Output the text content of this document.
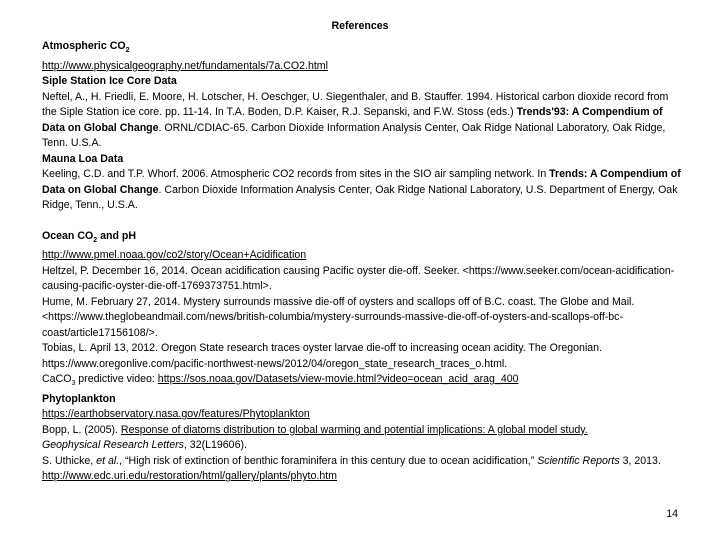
References
Atmospheric $CO_2$
http://www.physicalgeography.net/fundamentals/7a.CO2.html
Siple Station Ice Core Data
Neftel, A., H. Friedli, E. Moore, H. Lotscher, H. Oeschger, U. Siegenthaler, and B. Stauffer. 1994. Historical carbon dioxide record from the Siple Station ice core. pp. 11-14. In T.A. Boden, D.P. Kaiser, R.J. Sepanski, and F.W. Stoss (eds.) Trends'93: A Compendium of Data on Global Change. ORNL/CDIAC-65. Carbon Dioxide Information Analysis Center, Oak Ridge National Laboratory, Oak Ridge, Tenn. U.S.A.
Mauna Loa Data
Keeling, C.D. and T.P. Whorf. 2006. Atmospheric CO2 records from sites in the SIO air sampling network. In Trends: A Compendium of Data on Global Change. Carbon Dioxide Information Analysis Center, Oak Ridge National Laboratory, U.S. Department of Energy, Oak Ridge, Tenn., U.S.A.
Ocean $CO_2$ and pH
http://www.pmel.noaa.gov/co2/story/Ocean+Acidification
Heltzel, P. December 16, 2014. Ocean acidification causing Pacific oyster die-off. Seeker. <https://www.seeker.com/ocean-acidification-causing-pacific-oyster-die-off-1769373751.html>.
Hume, M. February 27, 2014. Mystery surrounds massive die-off of oysters and scallops off of B.C. coast. The Globe and Mail. <https://www.theglobeandmail.com/news/british-columbia/mystery-surrounds-massive-die-off-of-oysters-and-scallops-off-bc-coast/article17156108/>.
Tobias, L. April 13, 2012. Oregon State research traces oyster larvae die-off to increasing ocean acidity. The Oregonian. https://www.oregonlive.com/pacific-northwest-news/2012/04/oregon_state_research_traces_o.html.
CaCO$_3$ predictive video: https://sos.noaa.gov/Datasets/view-movie.html?video=ocean_acid_arag_400
Phytoplankton
https://earthobservatory.nasa.gov/features/Phytoplankton
Bopp, L. (2005). Response of diatoms distribution to global warming and potential implications: A global model study.
Geophysical Research Letters, 32(L19606).
S. Uthicke, et al., “High risk of extinction of benthic foraminifera in this century due to ocean acidification,” Scientific Reports 3, 2013. http://www.edc.uri.edu/restoration/html/gallery/plants/phyto.htm
14
